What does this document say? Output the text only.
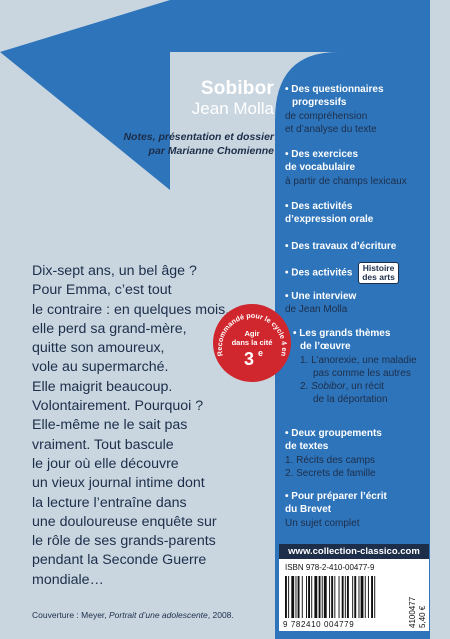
Sobibor
Jean Molla
Notes, présentation et dossier
par Marianne Chomienne
• Des questionnaires
progressifs
de compréhension
et d’analyse du texte
• Des exercices
de vocabulaire
à partir de champs lexicaux
• Des activités
d’expression orale
• Des travaux d’écriture
• Des activités Histoire
des arts
• Une interview
de Jean Molla
• Les grands thèmes
de l’œuvre
1. L’anorexie, une maladie
pas comme les autres
2. Sobibor, un récit
de la déportation
• Deux groupements
de textes
1. Récits des camps
2. Secrets de famille
• Pour préparer l’écrit
du Brevet
Un sujet complet
Dix-sept ans, un bel âge ?
Pour Emma, c’est tout
le contraire : en quelques mois,
elle perd sa grand-mère,
quitte son amoureux,
vole au supermarché.
Elle maigrit beaucoup.
Volontairement. Pourquoi ?
Elle-même ne le sait pas
vraiment. Tout bascule
le jour où elle découvre
un vieux journal intime dont
la lecture l’entraîne dans
une douloureuse enquête sur
le rôle de ses grands-parents
pendant la Seconde Guerre
mondiale…
Recommandé pour le cycle 4 en
Agir
dans la cité
3 e
Couverture : Meyer, Portrait d’une adolescente, 2008.
www.collection-classico.com
ISBN 978-2-410-00477-9
9 782410 004779	4100477 5,40 €
